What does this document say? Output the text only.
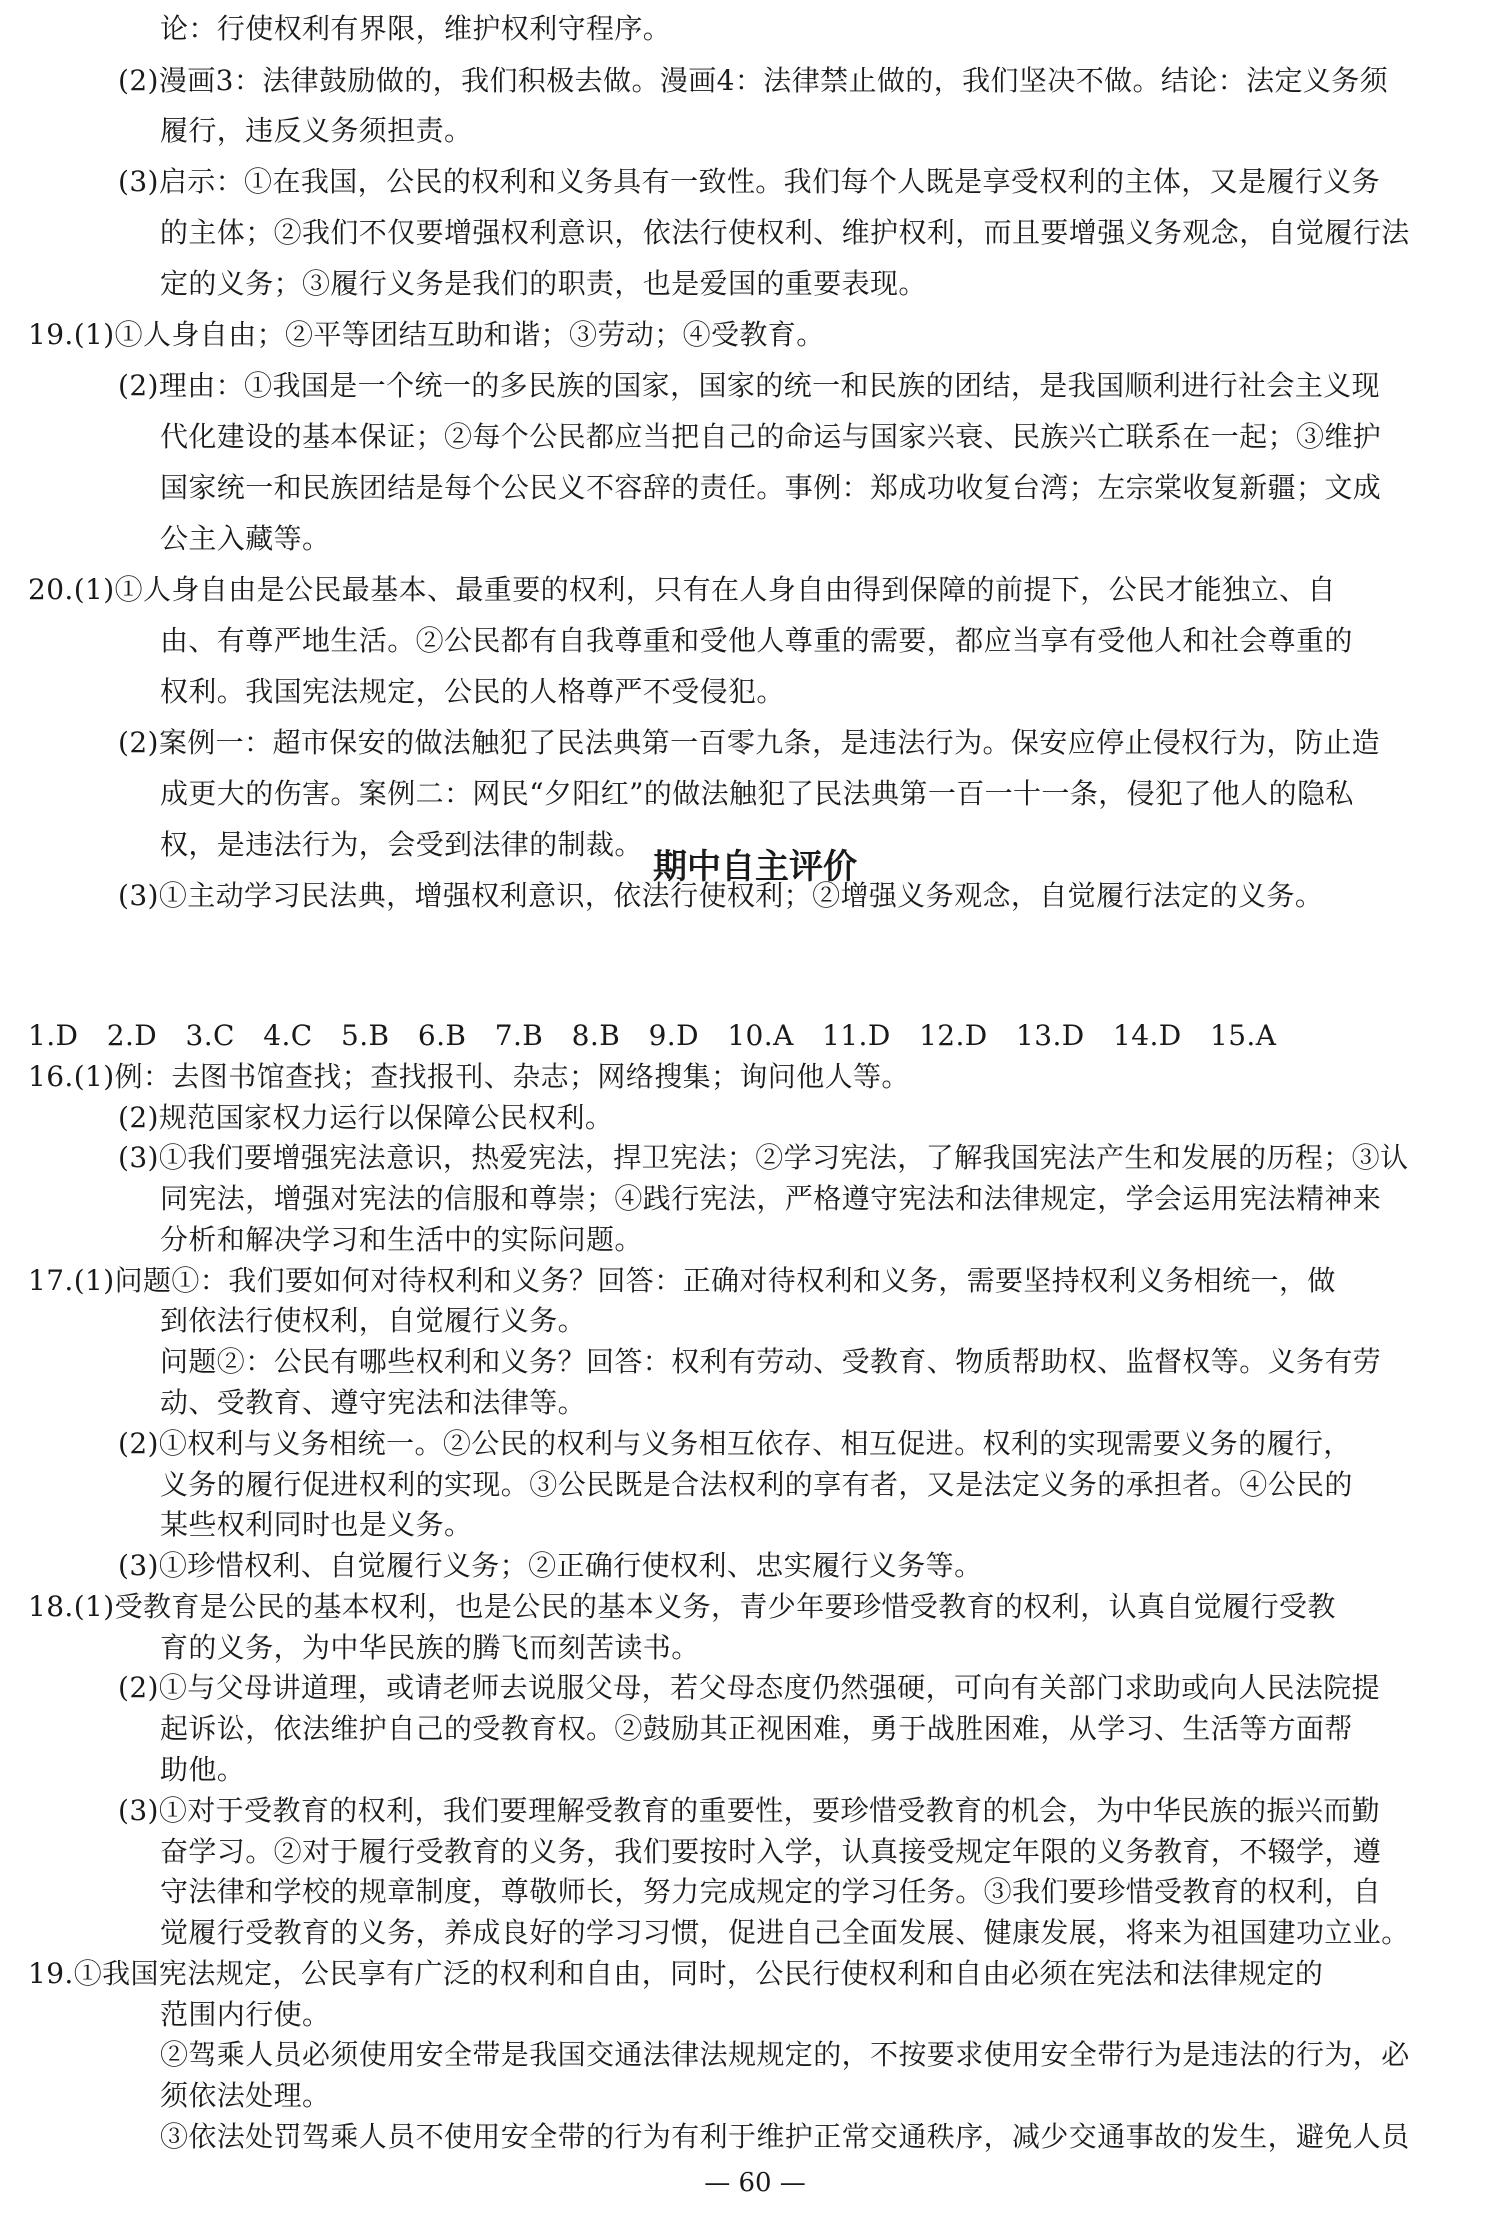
论：行使权利有界限，维护权利守程序。
(2)漫画3：法律鼓励做的，我们积极去做。漫画4：法律禁止做的，我们坚决不做。结论：法定义务须
履行，违反义务须担责。
(3)启示：①在我国，公民的权利和义务具有一致性。我们每个人既是享受权利的主体，又是履行义务
的主体；②我们不仅要增强权利意识，依法行使权利、维护权利，而且要增强义务观念，自觉履行法
定的义务；③履行义务是我们的职责，也是爱国的重要表现。
19.(1)①人身自由；②平等团结互助和谐；③劳动；④受教育。
(2)理由：①我国是一个统一的多民族的国家，国家的统一和民族的团结，是我国顺利进行社会主义现
代化建设的基本保证；②每个公民都应当把自己的命运与国家兴衰、民族兴亡联系在一起；③维护
国家统一和民族团结是每个公民义不容辞的责任。事例：郑成功收复台湾；左宗棠收复新疆；文成
公主入藏等。
20.(1)①人身自由是公民最基本、最重要的权利，只有在人身自由得到保障的前提下，公民才能独立、自
由、有尊严地生活。②公民都有自我尊重和受他人尊重的需要，都应当享有受他人和社会尊重的
权利。我国宪法规定，公民的人格尊严不受侵犯。
(2)案例一：超市保安的做法触犯了民法典第一百零九条，是违法行为。保安应停止侵权行为，防止造
成更大的伤害。案例二：网民“夕阳红”的做法触犯了民法典第一百一十一条，侵犯了他人的隐私
权，是违法行为，会受到法律的制裁。
(3)①主动学习民法典，增强权利意识，依法行使权利；②增强义务观念，自觉履行法定的义务。
期中自主评价
1.D　2.D　3.C　4.C　5.B　6.B　7.B　8.B　9.D　10.A　11.D　12.D　13.D　14.D　15.A
16.(1)例：去图书馆查找；查找报刊、杂志；网络搜集；询问他人等。
(2)规范国家权力运行以保障公民权利。
(3)①我们要增强宪法意识，热爱宪法，捍卫宪法；②学习宪法，了解我国宪法产生和发展的历程；③认
同宪法，增强对宪法的信服和尊崇；④践行宪法，严格遵守宪法和法律规定，学会运用宪法精神来
分析和解决学习和生活中的实际问题。
17.(1)问题①：我们要如何对待权利和义务？回答：正确对待权利和义务，需要坚持权利义务相统一，做
到依法行使权利，自觉履行义务。
问题②：公民有哪些权利和义务？回答：权利有劳动、受教育、物质帮助权、监督权等。义务有劳
动、受教育、遵守宪法和法律等。
(2)①权利与义务相统一。②公民的权利与义务相互依存、相互促进。权利的实现需要义务的履行，
义务的履行促进权利的实现。③公民既是合法权利的享有者，又是法定义务的承担者。④公民的
某些权利同时也是义务。
(3)①珍惜权利、自觉履行义务；②正确行使权利、忠实履行义务等。
18.(1)受教育是公民的基本权利，也是公民的基本义务，青少年要珍惜受教育的权利，认真自觉履行受教
育的义务，为中华民族的腾飞而刻苦读书。
(2)①与父母讲道理，或请老师去说服父母，若父母态度仍然强硬，可向有关部门求助或向人民法院提
起诉讼，依法维护自己的受教育权。②鼓励其正视困难，勇于战胜困难，从学习、生活等方面帮
助他。
(3)①对于受教育的权利，我们要理解受教育的重要性，要珍惜受教育的机会，为中华民族的振兴而勤
奋学习。②对于履行受教育的义务，我们要按时入学，认真接受规定年限的义务教育，不辍学，遵
守法律和学校的规章制度，尊敬师长，努力完成规定的学习任务。③我们要珍惜受教育的权利，自
觉履行受教育的义务，养成良好的学习习惯，促进自己全面发展、健康发展，将来为祖国建功立业。
19.①我国宪法规定，公民享有广泛的权利和自由，同时，公民行使权利和自由必须在宪法和法律规定的
范围内行使。
②驾乘人员必须使用安全带是我国交通法律法规规定的，不按要求使用安全带行为是违法的行为，必
须依法处理。
③依法处罚驾乘人员不使用安全带的行为有利于维护正常交通秩序，减少交通事故的发生，避免人员
— 60 —
